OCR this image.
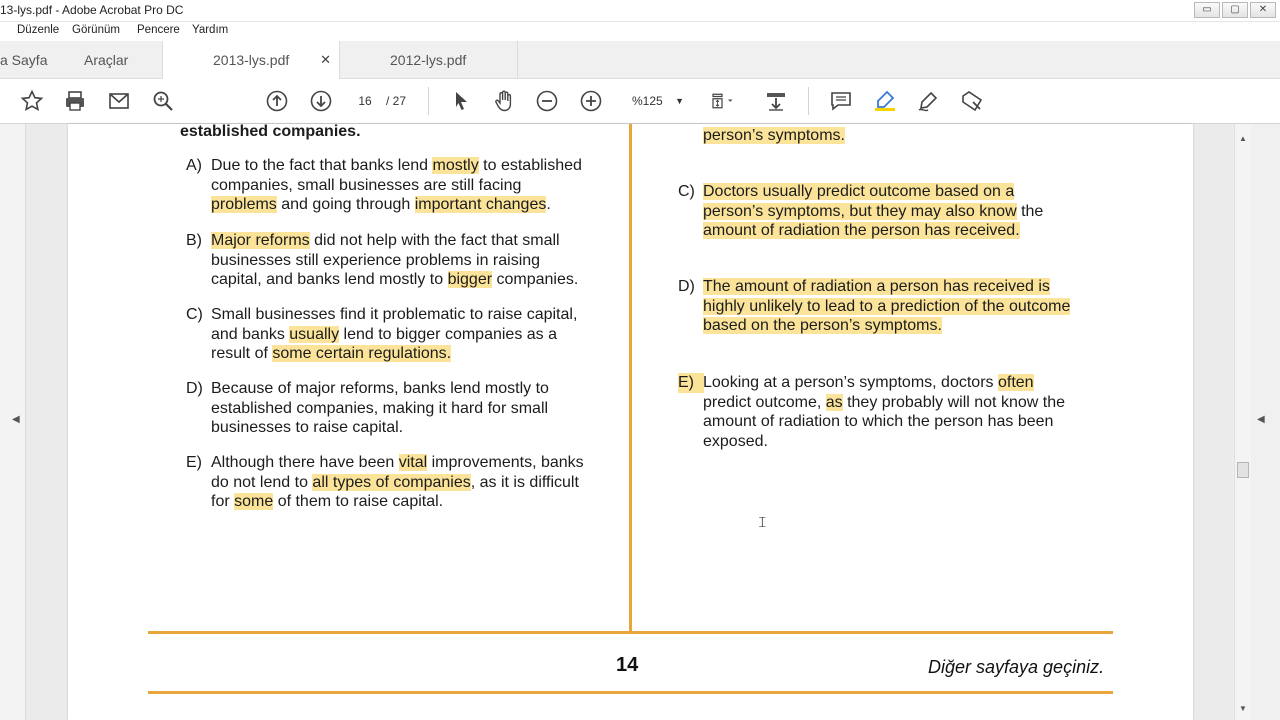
13-lys.pdf - Adobe Acrobat Pro DC	▭	▢	✕
Düzenle Görünüm Pencere Yardım
a Sayfa	Araçlar	2013-lys.pdf ✕	2012-lys.pdf
16	/ 27	%125 ▼
◀
established companies.
A) Due to the fact that banks lend mostly to established
companies, small businesses are still facing
problems and going through important changes.
B) Major reforms did not help with the fact that small
businesses still experience problems in raising
capital, and banks lend mostly to bigger companies.
C) Small businesses find it problematic to raise capital,
and banks usually lend to bigger companies as a
result of some certain regulations.
D) Because of major reforms, banks lend mostly to
established companies, making it hard for small
businesses to raise capital.
E) Although there have been vital improvements, banks
do not lend to all types of companies, as it is difficult
for some of them to raise capital.
person’s symptoms.
C) Doctors usually predict outcome based on a
person’s symptoms, but they may also know the
amount of radiation the person has received.
D) The amount of radiation a person has received is
highly unlikely to lead to a prediction of the outcome
based on the person’s symptoms.
E) Looking at a person’s symptoms, doctors often
predict outcome, as they probably will not know the
amount of radiation to which the person has been
exposed.
𝙸
14	Diğer sayfaya geçiniz.
◀
▲
▼
